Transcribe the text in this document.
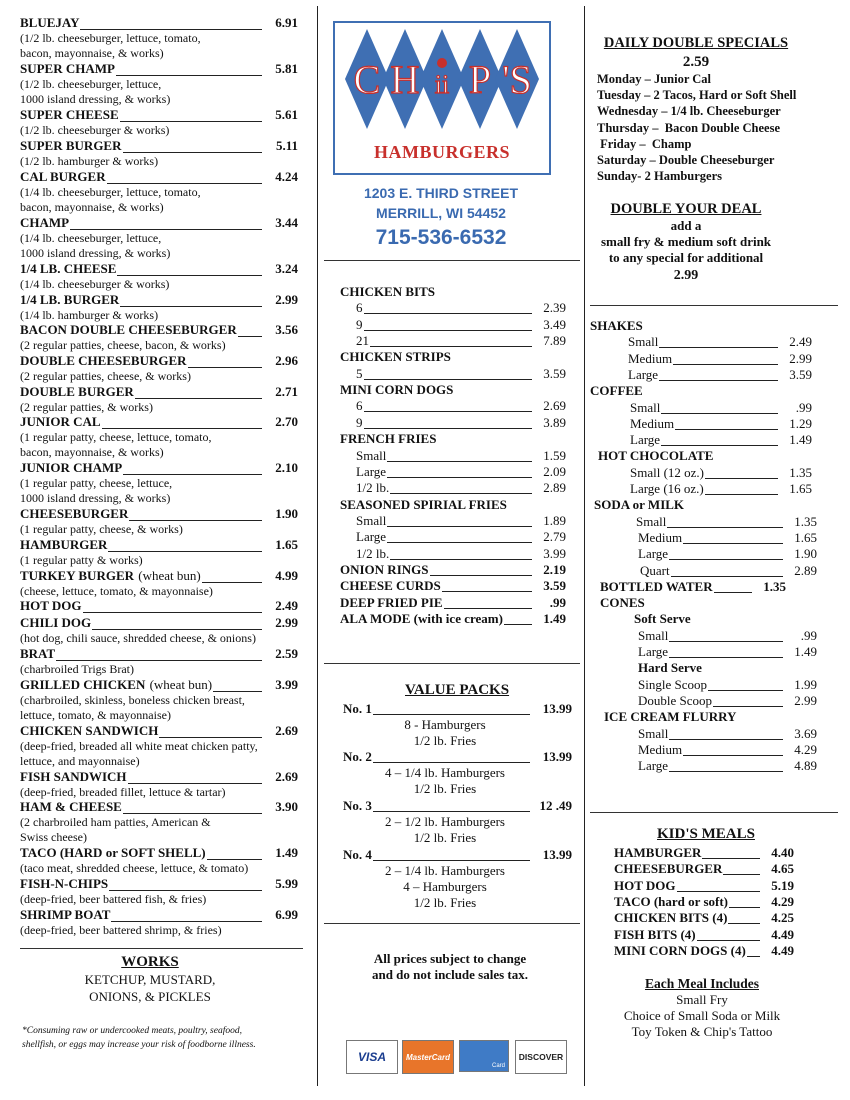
BLUEJAY	6.91
(1/2 lb. cheeseburger, lettuce, tomato,
bacon, mayonnaise, & works)
SUPER CHAMP	5.81
(1/2 lb. cheeseburger, lettuce,
1000 island dressing, & works)
SUPER CHEESE	5.61
(1/2 lb. cheeseburger & works)
SUPER BURGER	5.11
(1/2 lb. hamburger & works)
CAL BURGER	4.24
(1/4 lb. cheeseburger, lettuce, tomato,
bacon, mayonnaise, & works)
CHAMP	3.44
(1/4 lb. cheeseburger, lettuce,
1000 island dressing, & works)
1/4 LB. CHEESE	3.24
(1/4 lb. cheeseburger & works)
1/4 LB. BURGER	2.99
(1/4 lb. hamburger & works)
BACON DOUBLE CHEESEBURGER	3.56
(2 regular patties, cheese, bacon, & works)
DOUBLE CHEESEBURGER	2.96
(2 regular patties, cheese, & works)
DOUBLE BURGER	2.71
(2 regular patties, & works)
JUNIOR CAL	2.70
(1 regular patty, cheese, lettuce, tomato,
bacon, mayonnaise, & works)
JUNIOR CHAMP	2.10
(1 regular patty, cheese, lettuce,
1000 island dressing, & works)
CHEESEBURGER	1.90
(1 regular patty, cheese, & works)
HAMBURGER	1.65
(1 regular patty & works)
TURKEY BURGER (wheat bun)	4.99
(cheese, lettuce, tomato, & mayonnaise)
HOT DOG	2.49
CHILI DOG	2.99
(hot dog, chili sauce, shredded cheese, & onions)
BRAT	2.59
(charbroiled Trigs Brat)
GRILLED CHICKEN (wheat bun)	3.99
(charbroiled, skinless, boneless chicken breast,
lettuce, tomato, & mayonnaise)
CHICKEN SANDWICH	2.69
(deep-fried, breaded all white meat chicken patty,
lettuce, and mayonnaise)
FISH SANDWICH	2.69
(deep-fried, breaded fillet, lettuce & tartar)
HAM & CHEESE	3.90
(2 charbroiled ham patties, American &
Swiss cheese)
TACO (HARD or SOFT SHELL)	1.49
(taco meat, shredded cheese, lettuce, & tomato)
FISH-N-CHIPS	5.99
(deep-fried, beer battered fish, & fries)
SHRIMP BOAT	6.99
(deep-fried, beer battered shrimp, & fries)
WORKS
KETCHUP, MUSTARD,
ONIONS, & PICKLES
*Consuming raw or undercooked meats, poultry, seafood,
shellfish, or eggs may increase your risk of foodborne illness.
C H ii P 'S
HAMBURGERS
1203 E. THIRD STREET
MERRILL, WI 54452
715-536-6532
CHICKEN BITS
6	2.39
9	3.49
21	7.89
CHICKEN STRIPS
5	3.59
MINI CORN DOGS
6	2.69
9	3.89
FRENCH FRIES
Small	1.59
Large	2.09
1/2 lb.	2.89
SEASONED SPIRIAL FRIES
Small	1.89
Large	2.79
1/2 lb.	3.99
ONION RINGS	2.19
CHEESE CURDS	3.59
DEEP FRIED PIE	.99
ALA MODE (with ice cream)	1.49
VALUE PACKS
No. 1	13.99
8 - Hamburgers
1/2 lb. Fries
No. 2	13.99
4 – 1/4 lb. Hamburgers
1/2 lb. Fries
No. 3	12 .49
2 – 1/2 lb. Hamburgers
1/2 lb. Fries
No. 4	13.99
2 – 1/4 lb. Hamburgers
4 – Hamburgers
1/2 lb. Fries
All prices subject to change
and do not include sales tax.
VISA MasterCard
Card
DISCOVER
DAILY DOUBLE SPECIALS
2.59
Monday – Junior Cal
Tuesday – 2 Tacos, Hard or Soft Shell
Wednesday – 1/4 lb. Cheeseburger
Thursday –  Bacon Double Cheese
Friday –  Champ
Saturday – Double Cheeseburger
Sunday- 2 Hamburgers
DOUBLE YOUR DEAL
add a
small fry & medium soft drink
to any special for additional
2.99
SHAKES
Small	2.49
Medium	2.99
Large	3.59
COFFEE
Small	.99
Medium	1.29
Large	1.49
HOT CHOCOLATE
Small (12 oz.)	1.35
Large (16 oz.)	1.65
SODA or MILK
Small	1.35
Medium	1.65
Large	1.90
Quart	2.89
BOTTLED WATER	1.35
CONES
Soft Serve
Small	.99
Large	1.49
Hard Serve
Single Scoop	1.99
Double Scoop	2.99
ICE CREAM FLURRY
Small	3.69
Medium	4.29
Large	4.89
KID'S MEALS
HAMBURGER	4.40
CHEESEBURGER	4.65
HOT DOG	5.19
TACO (hard or soft)	4.29
CHICKEN BITS (4)	4.25
FISH BITS (4)	4.49
MINI CORN DOGS (4) 4.49
Each Meal Includes
Small Fry
Choice of Small Soda or Milk
Toy Token & Chip's Tattoo
